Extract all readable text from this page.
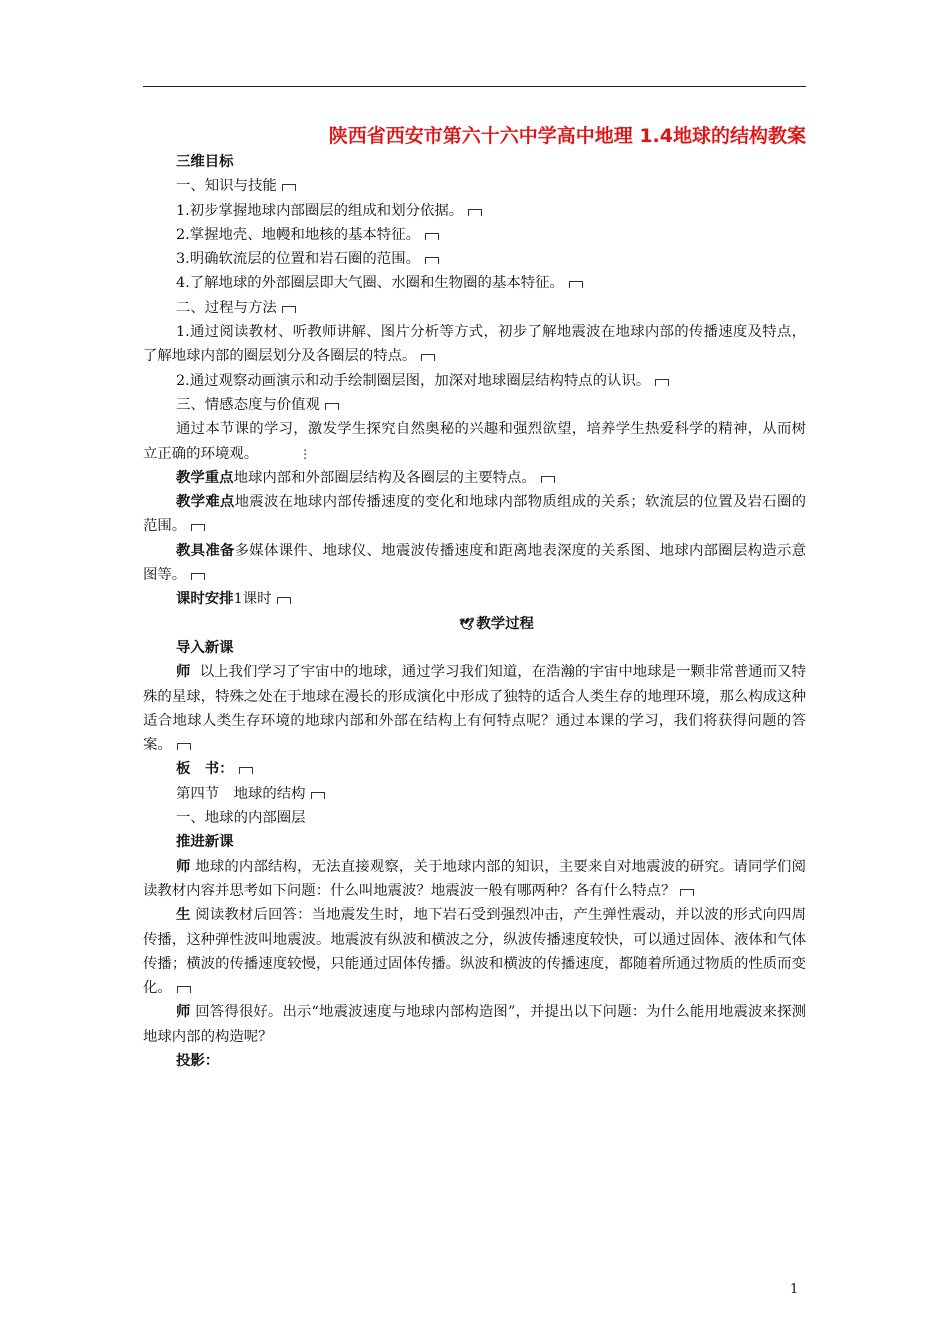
陕西省西安市第六十六中学高中地理 1.4地球的结构教案

三维目标

一、知识与技能

1.初步掌握地球内部圈层的组成和划分依据。

2.掌握地壳、地幔和地核的基本特征。

3.明确软流层的位置和岩石圈的范围。

4.了解地球的外部圈层即大气圈、水圈和生物圈的基本特征。

二、过程与方法

1.通过阅读教材、听教师讲解、图片分析等方式，初步了解地震波在地球内部的传播速度及特点，了解地球内部的圈层划分及各圈层的特点。

2.通过观察动画演示和动手绘制圈层图，加深对地球圈层结构特点的认识。

三、情感态度与价值观

通过本节课的学习，激发学生探究自然奥秘的兴趣和强烈欲望，培养学生热爱科学的精神，从而树立正确的环境观。	⋮

教学重点地球内部和外部圈层结构及各圈层的主要特点。

教学难点地震波在地球内部传播速度的变化和地球内部物质组成的关系；软流层的位置及岩石圈的范围。

教具准备多媒体课件、地球仪、地震波传播速度和距离地表深度的关系图、地球内部圈层构造示意图等。

课时安排1课时

🕊 教学过程

导入新课

师 以上我们学习了宇宙中的地球，通过学习我们知道，在浩瀚的宇宙中地球是一颗非常普通而又特殊的星球，特殊之处在于地球在漫长的形成演化中形成了独特的适合人类生存的地理环境，那么构成这种适合地球人类生存环境的地球内部和外部在结构上有何特点呢？通过本课的学习，我们将获得问题的答案。

板　书：

第四节　地球的结构

一、地球的内部圈层

推进新课

师 地球的内部结构，无法直接观察，关于地球内部的知识，主要来自对地震波的研究。请同学们阅读教材内容并思考如下问题：什么叫地震波？地震波一般有哪两种？各有什么特点？

生 阅读教材后回答：当地震发生时，地下岩石受到强烈冲击，产生弹性震动，并以波的形式向四周传播，这种弹性波叫地震波。地震波有纵波和横波之分，纵波传播速度较快，可以通过固体、液体和气体传播；横波的传播速度较慢，只能通过固体传播。纵波和横波的传播速度，都随着所通过物质的性质而变化。

师 回答得很好。出示“地震波速度与地球内部构造图”，并提出以下问题：为什么能用地震波来探测地球内部的构造呢？

投影：

1
